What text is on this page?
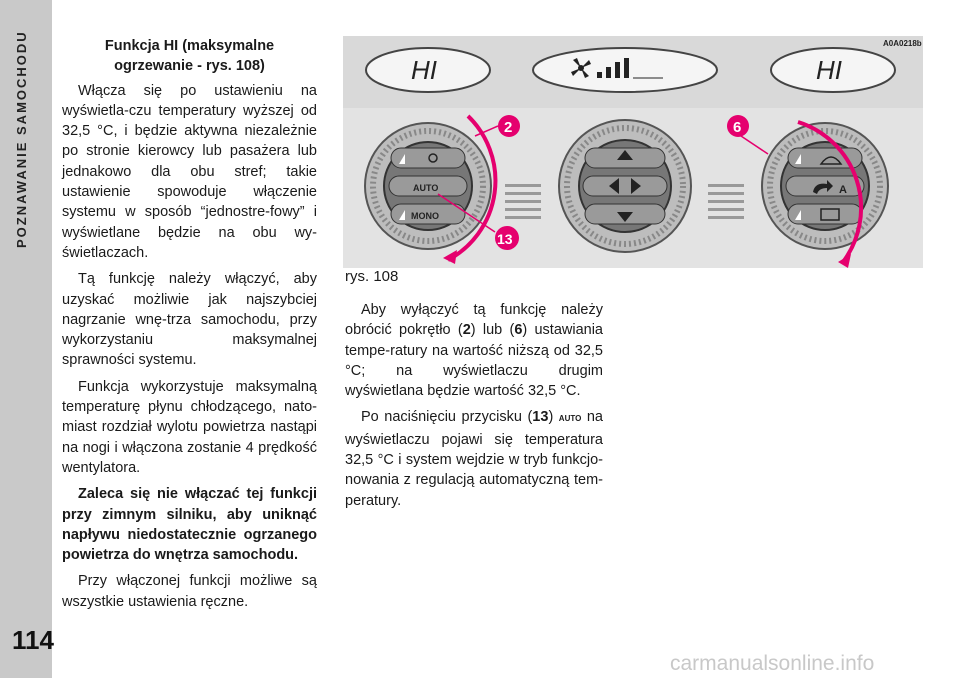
POZNAWANIE SAMOCHODU
114
Funkcja HI (maksymalne
ogrzewanie - rys. 108)

Włącza się po ustawieniu na wyświetla-czu temperatury wyższej od 32,5 °C, i będzie aktywna niezależnie po stronie kierowcy lub pasażera lub jednakowo dla obu stref; takie ustawienie spowoduje włączenie systemu w sposób “jednostre-fowy” i wyświetlane będzie na obu wy-świetlaczach.

Tą funkcję należy włączyć, aby uzyskać możliwie jak najszybciej nagrzanie wnę-trza samochodu, przy wykorzystaniu maksymalnej sprawności systemu.

Funkcja wykorzystuje maksymalną temperaturę płynu chłodzącego, nato-miast rozdział wylotu powietrza nastąpi na nogi i włączona zostanie 4 prędkość wentylatora.

Zaleca się nie włączać tej funkcji przy zimnym silniku, aby uniknąć napływu niedostatecznie ogrzanego powietrza do wnętrza samochodu.

Przy włączonej funkcji możliwe są wszystkie ustawienia ręczne.

A0A0218b
HI	HI
AUTO
MONO
A
2	6
13
rys. 108

Aby wyłączyć tą funkcję należy obrócić pokrętło (2) lub (6) ustawiania tempe-ratury na wartość niższą od 32,5 °C; na wyświetlaczu drugim wyświetlana będzie wartość 32,5 °C.

Po naciśnięciu przycisku (13) AUTO na wyświetlaczu pojawi się temperatura 32,5 °C i system wejdzie w tryb funkcjo-nowania z regulacją automatyczną tem-peratury.

carmanualsonline.info
